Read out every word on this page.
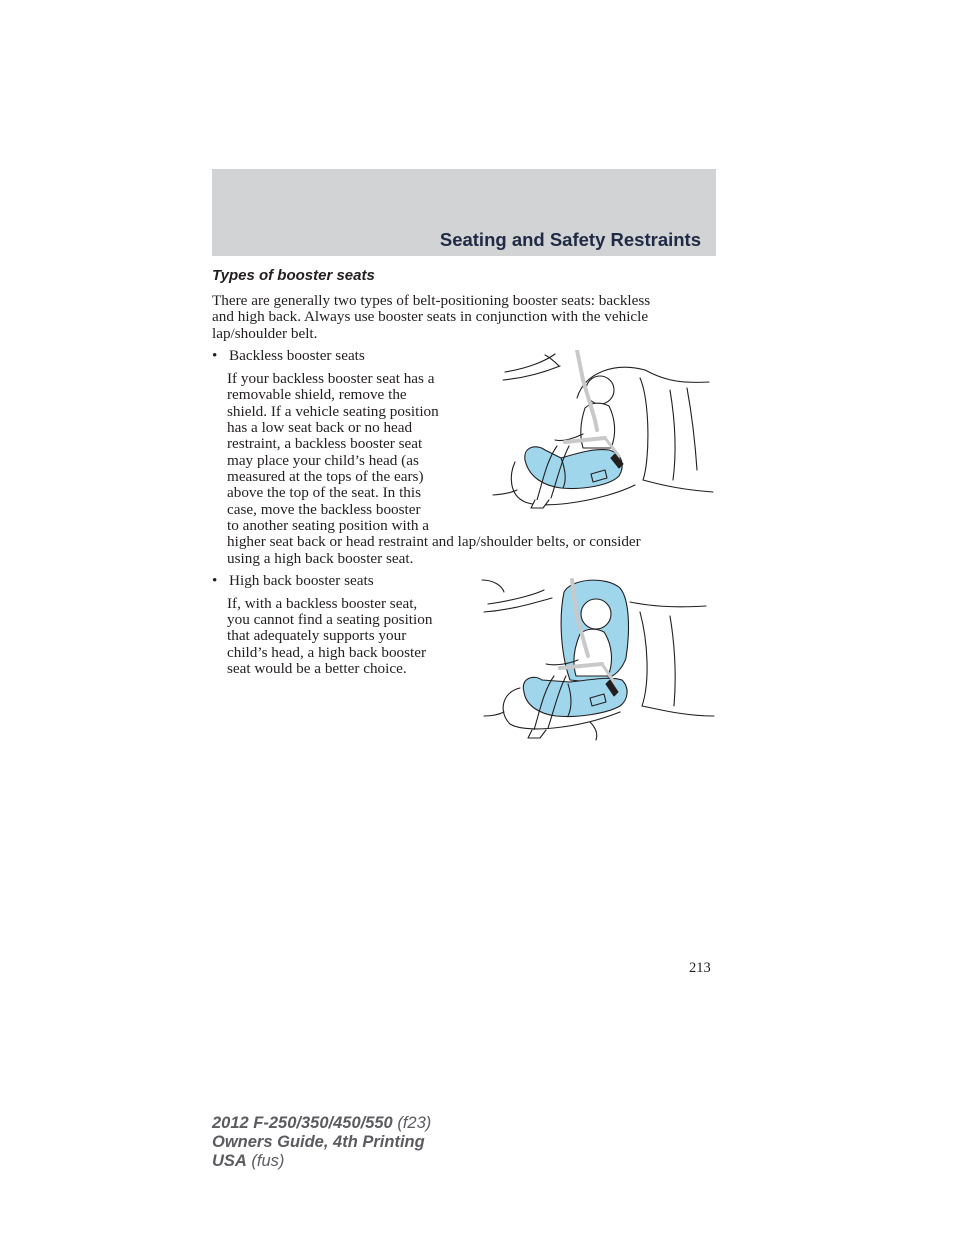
Seating and Safety Restraints
Types of booster seats
There are generally two types of belt-positioning booster seats: backless
and high back. Always use booster seats in conjunction with the vehicle
lap/shoulder belt.
• Backless booster seats
If your backless booster seat has a
removable shield, remove the
shield. If a vehicle seating position
has a low seat back or no head
restraint, a backless booster seat
may place your child’s head (as
measured at the tops of the ears)
above the top of the seat. In this
case, move the backless booster
to another seating position with a
higher seat back or head restraint and lap/shoulder belts, or consider
using a high back booster seat.
• High back booster seats
If, with a backless booster seat,
you cannot find a seating position
that adequately supports your
child’s head, a high back booster
seat would be a better choice.
213
2012 F-250/350/450/550 (f23)
Owners Guide, 4th Printing
USA (fus)
